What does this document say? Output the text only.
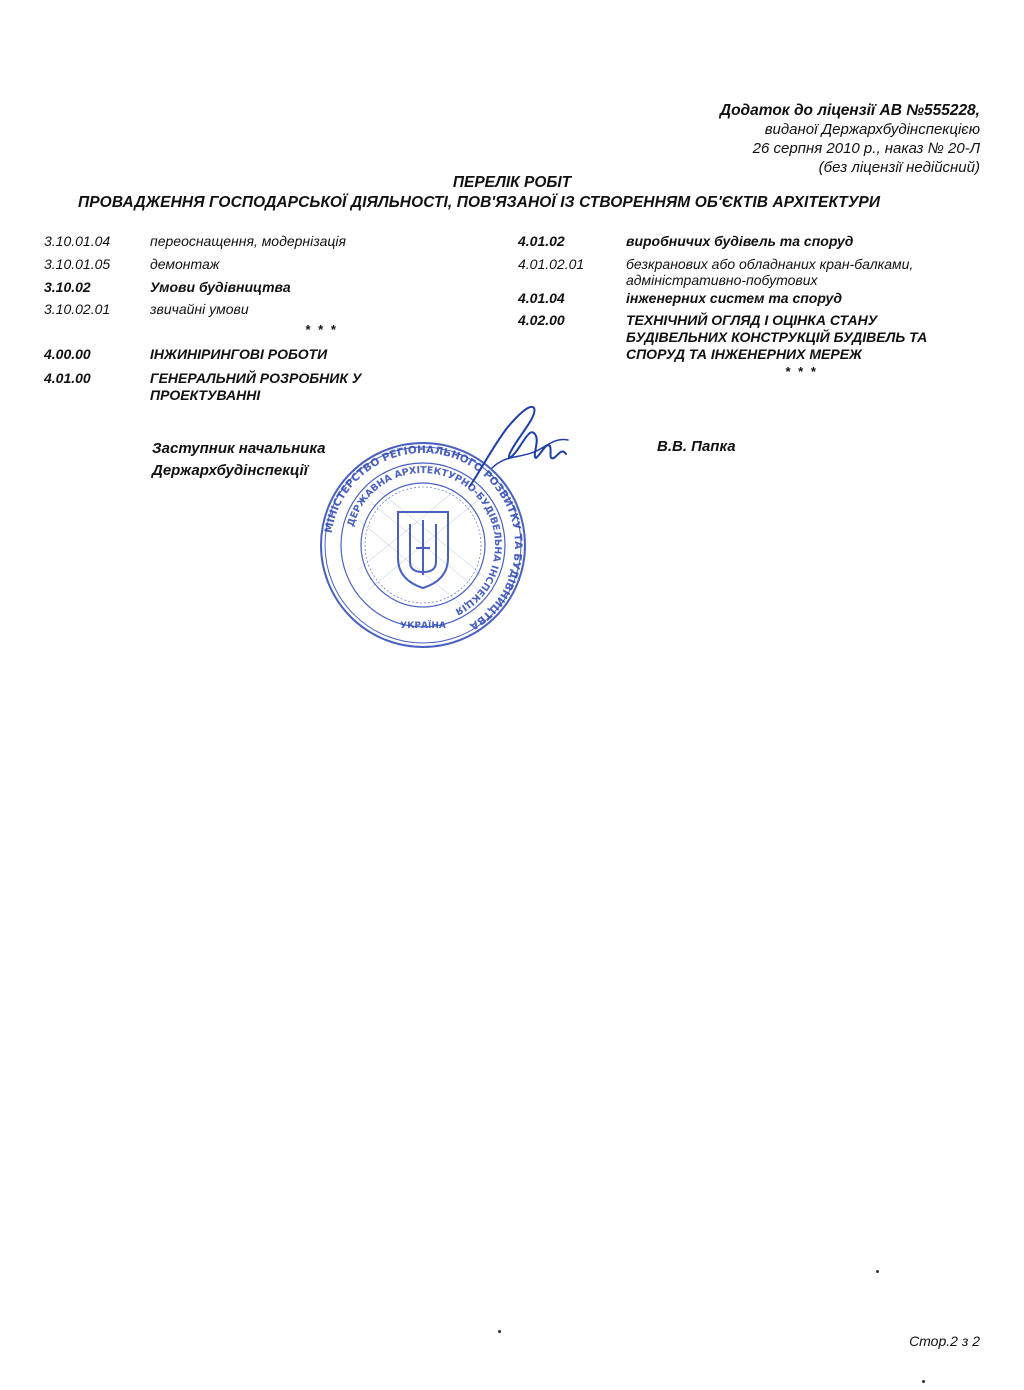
Додаток до ліцензії АВ №555228,
виданої Держархбудінспекцією
26 серпня 2010 р., наказ № 20-Л
(без ліцензії недійсний)
ПЕРЕЛІК РОБІТ
ПРОВАДЖЕННЯ ГОСПОДАРСЬКОЇ ДІЯЛЬНОСТІ, ПОВ'ЯЗАНОЇ ІЗ СТВОРЕННЯМ ОБ'ЄКТІВ АРХІТЕКТУРИ
3.10.01.04	переоснащення, модернізація
3.10.01.05	демонтаж
3.10.02	Умови будівництва
3.10.02.01	звичайні умови
* * *
4.00.00	ІНЖИНІРИНГОВІ РОБОТИ
4.01.00	ГЕНЕРАЛЬНИЙ РОЗРОБНИК У
ПРОЕКТУВАННІ
4.01.02	виробничих будівель та споруд
4.01.02.01	безкранових або обладнаних кран-балками,
адміністративно-побутових
4.01.04	інженерних систем та споруд
4.02.00	ТЕХНІЧНИЙ ОГЛЯД І ОЦІНКА СТАНУ
БУДІВЕЛЬНИХ КОНСТРУКЦІЙ БУДІВЕЛЬ ТА
СПОРУД ТА ІНЖЕНЕРНИХ МЕРЕЖ
* * *
МІНІСТЕРСТВО РЕГІОНАЛЬНОГО РОЗВИТКУ ТА БУДІВНИЦТВА
ДЕРЖАВНА АРХІТЕКТУРНО-БУДІВЕЛЬНА ІНСПЕКЦІЯ
УКРАЇНА
Заступник начальника
Держархбудінспекції
В.В. Папка
Стор.2 з 2
